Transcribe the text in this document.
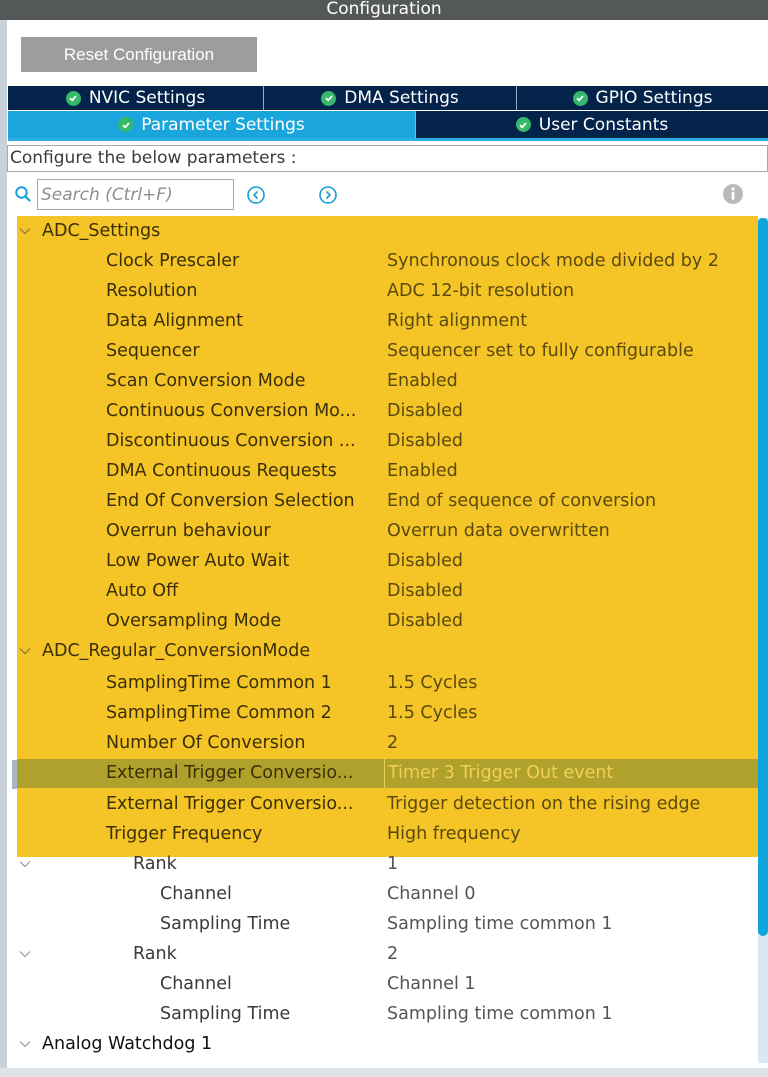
Configuration
Reset Configuration
NVIC Settings	DMA Settings	GPIO Settings
Parameter Settings	User Constants
Configure the below parameters :
Search (Ctrl+F)
ADC_Settings
Clock Prescaler	Synchronous clock mode divided by 2
Resolution	ADC 12-bit resolution
Data Alignment	Right alignment
Sequencer	Sequencer set to fully configurable
Scan Conversion Mode	Enabled
Continuous Conversion Mo...	Disabled
Discontinuous Conversion ...	Disabled
DMA Continuous Requests	Enabled
End Of Conversion Selection	End of sequence of conversion
Overrun behaviour	Overrun data overwritten
Low Power Auto Wait	Disabled
Auto Off	Disabled
Oversampling Mode	Disabled
ADC_Regular_ConversionMode
SamplingTime Common 1	1.5 Cycles
SamplingTime Common 2	1.5 Cycles
Number Of Conversion	2
External Trigger Conversio...	Timer 3 Trigger Out event
External Trigger Conversio...	Trigger detection on the rising edge
Trigger Frequency	High frequency
Rank	1
Channel	Channel 0
Sampling Time	Sampling time common 1
Rank	2
Channel	Channel 1
Sampling Time	Sampling time common 1
Analog Watchdog 1
